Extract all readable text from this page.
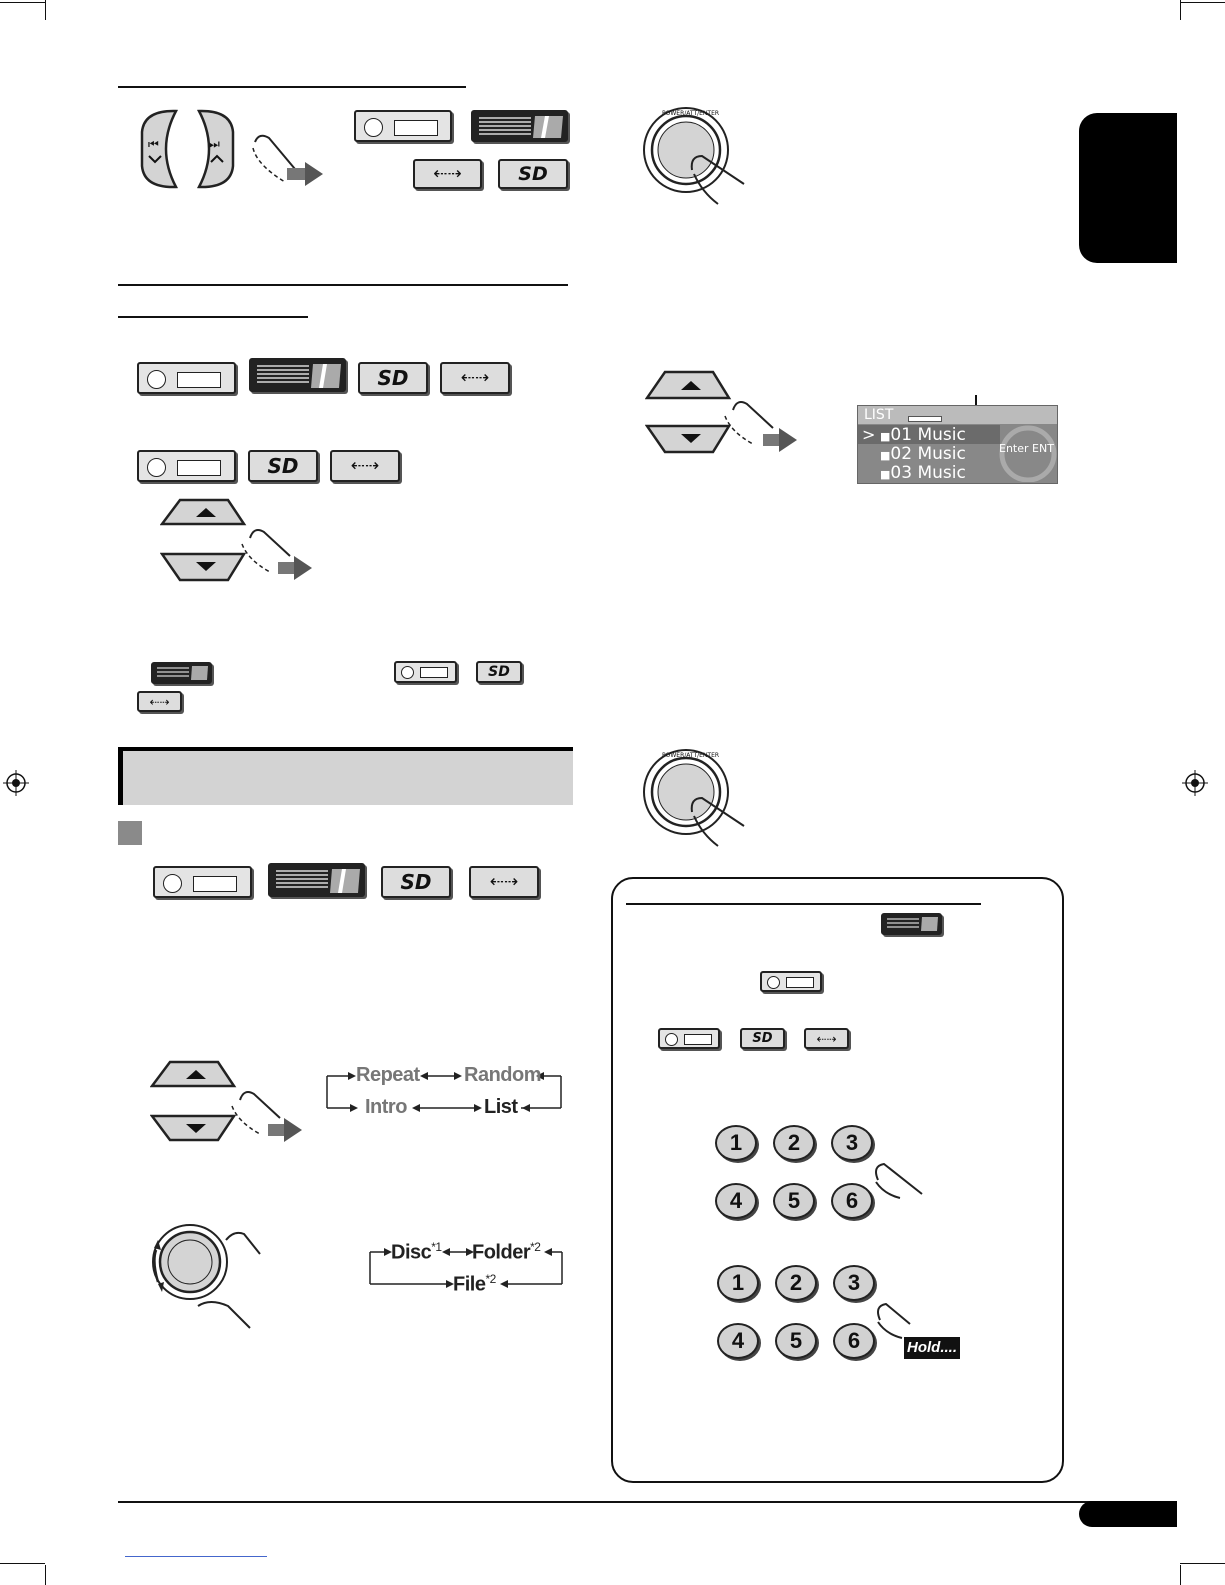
⏮	⏭
⇠⇢	SD
SD	⇠⇢
SD	⇠⇢
SD
⇠⇢
SD	⇠⇢
Repeat Random
Intro	List
Disc$^{*1}$ Folder$^{*2}$
File$^{*2}$
POWER/ATT/ENTER
LIST
> ■01 Music
■02 Music
■03 Music
Enter ENT
POWER/ATT/ENTER
SD	⇠⇢
1	2	3
4	5	6
1	2	3
4	5	6	Hold....
